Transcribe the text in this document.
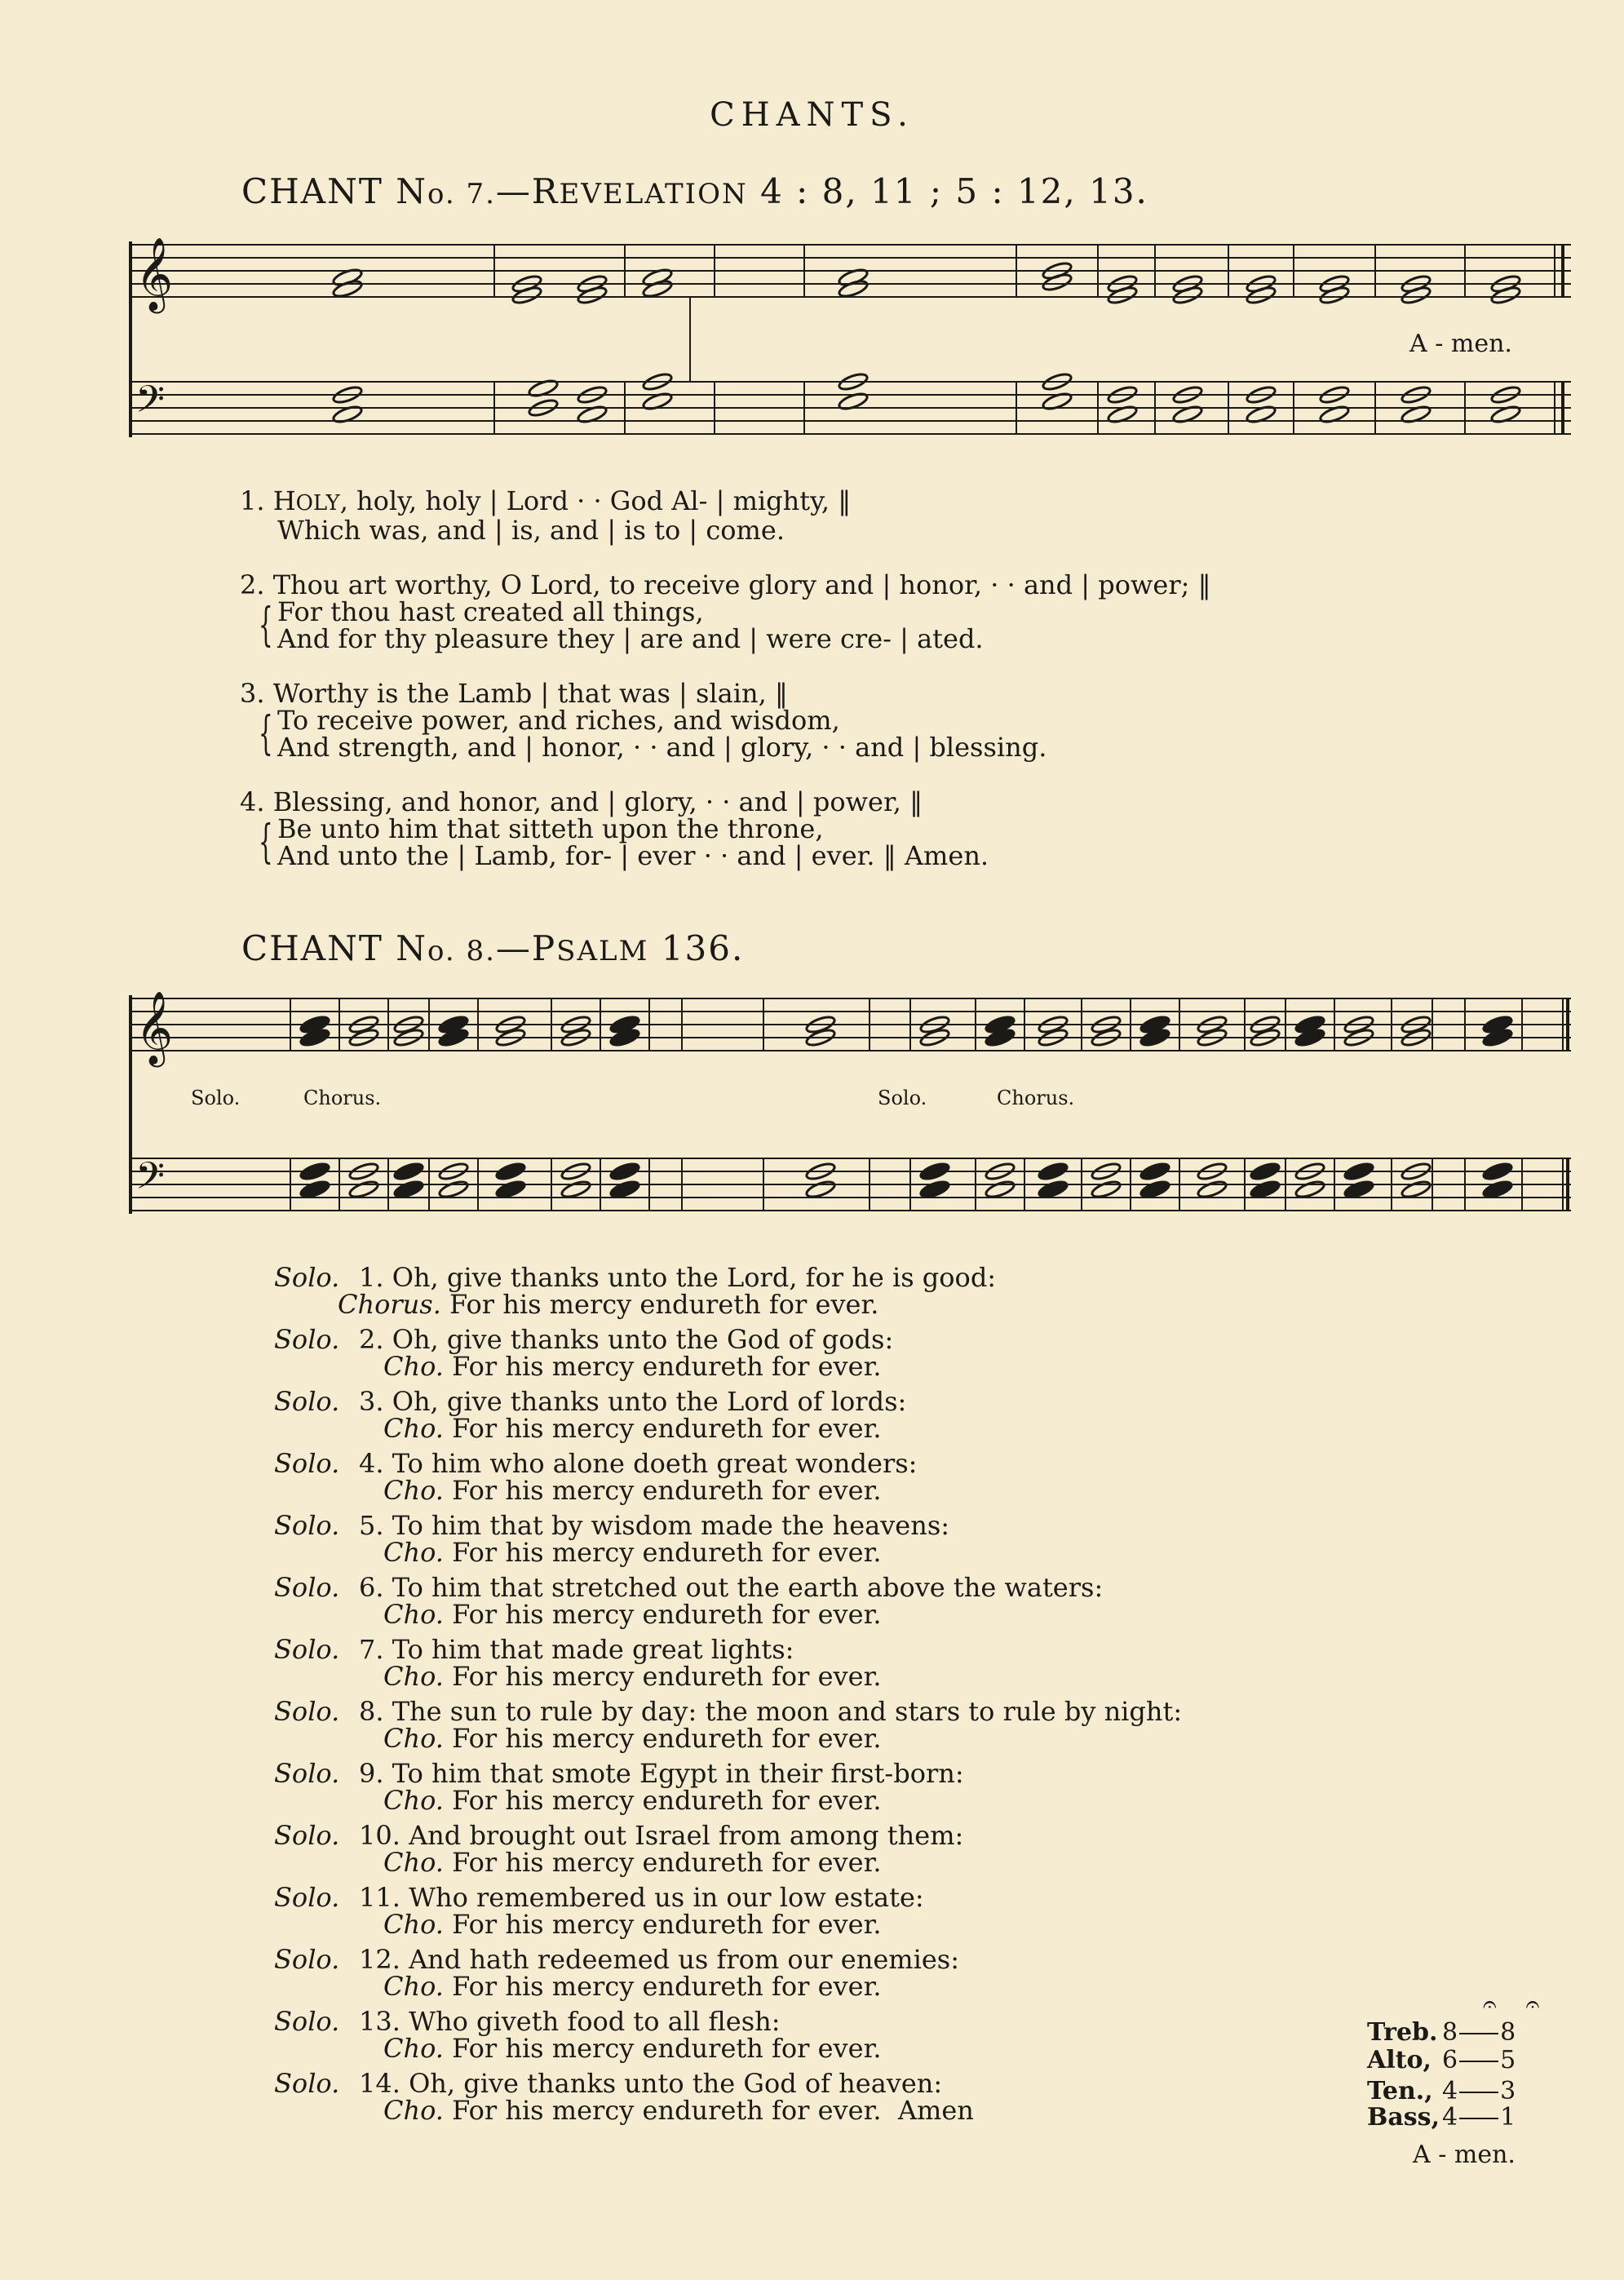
CHANTS.
CHANT No. 7.—REVELATION 4 : 8, 11 ; 5 : 12, 13.
𝄞
𝄢
A - men.
1. HOLY, holy, holy | Lord · · God Al- | mighty, ‖
Which was, and | is, and | is to | come.
2. Thou art worthy, O Lord, to receive glory and | honor, · · and | power; ‖
{ For thou hast created all things,
And for thy pleasure they | are and | were cre- | ated.
3. Worthy is the Lamb | that was | slain, ‖
{ To receive power, and riches, and wisdom,
And strength, and | honor, · · and | glory, · · and | blessing.
4. Blessing, and honor, and | glory, · · and | power, ‖
{ Be unto him that sitteth upon the throne,
And unto the | Lamb, for- | ever · · and | ever. ‖ Amen.
CHANT No. 8.—PSALM 136.
𝄞
𝄢
Solo.	Chorus.	Solo.	Chorus.
Solo. 1. Oh, give thanks unto the Lord, for he is good:
Chorus. For his mercy endureth for ever.
Solo. 2. Oh, give thanks unto the God of gods:
Cho. For his mercy endureth for ever.
Solo. 3. Oh, give thanks unto the Lord of lords:
Cho. For his mercy endureth for ever.
Solo. 4. To him who alone doeth great wonders:
Cho. For his mercy endureth for ever.
Solo. 5. To him that by wisdom made the heavens:
Cho. For his mercy endureth for ever.
Solo. 6. To him that stretched out the earth above the waters:
Cho. For his mercy endureth for ever.
Solo. 7. To him that made great lights:
Cho. For his mercy endureth for ever.
Solo. 8. The sun to rule by day: the moon and stars to rule by night:
Cho. For his mercy endureth for ever.
Solo. 9. To him that smote Egypt in their first-born:
Cho. For his mercy endureth for ever.
Solo. 10. And brought out Israel from among them:
Cho. For his mercy endureth for ever.
Solo. 11. Who remembered us in our low estate:
Cho. For his mercy endureth for ever.
Solo. 12. And hath redeemed us from our enemies:
Cho. For his mercy endureth for ever.
Solo. 13. Who giveth food to all flesh:
Cho. For his mercy endureth for ever.
Solo. 14. Oh, give thanks unto the God of heaven:
Cho. For his mercy endureth for ever. Amen
𝄐𝄐
Treb. 8 8
Alto, 6 5
Ten., 4 3
Bass,4 1
A - men.
